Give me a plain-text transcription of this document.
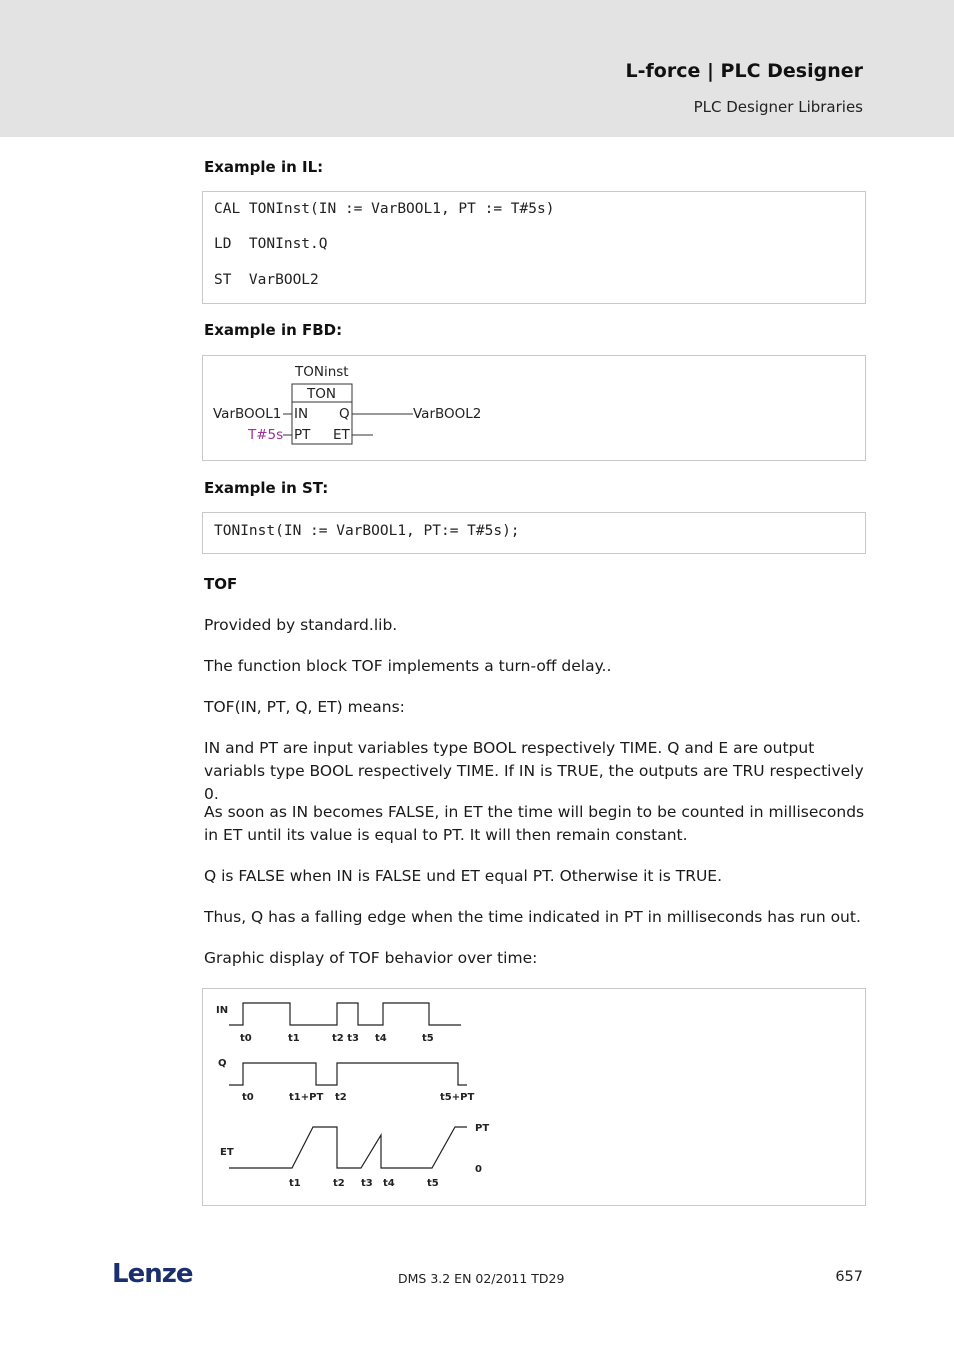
L-force | PLC Designer
PLC Designer Libraries
Example in IL:
CAL TONInst(IN := VarBOOL1, PT := T#5s)
LD  TONInst.Q
ST  VarBOOL2
Example in FBD:
TONinst
TON
IN
PT
Q
ET
VarBOOL1
T#5s
VarBOOL2
Example in ST:
TONInst(IN := VarBOOL1, PT:= T#5s);
TOF
Provided by standard.lib.
The function block TOF implements a turn-off delay..
TOF(IN, PT, Q, ET) means:
IN and PT are input variables type BOOL respectively TIME. Q and E are output variabls type BOOL respectively TIME. If IN is TRUE, the outputs are TRU respectively 0.
As soon as IN becomes FALSE, in ET the time will begin to be counted in milliseconds in ET until its value is equal to PT. It will then remain constant.
Q is FALSE when IN is FALSE und ET equal PT. Otherwise it is TRUE.
Thus, Q has a falling edge when the time indicated in PT in milliseconds has run out.
Graphic display of TOF behavior over time:
IN
t0	t1	t2 t3 t4	t5
Q
t0	t1+PT t2	t5+PT
ET
PT
0
t1	t2 t3 t4	t5
Lenze	DMS 3.2 EN 02/2011 TD29	657
